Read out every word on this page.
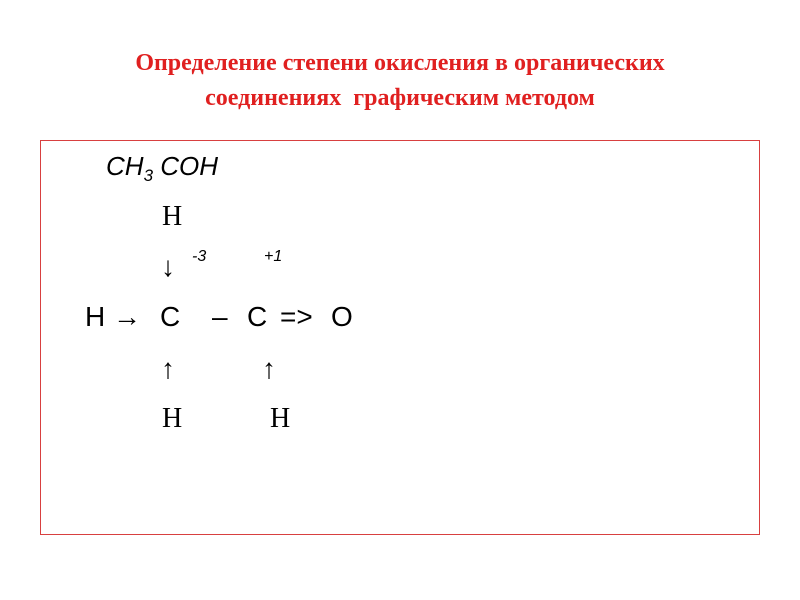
Определение степени окисления в органических
соединениях  графическим методом
$CH_3$ COH
H
↓ -3	+1
H → C – C => O
↑	↑
H	H
